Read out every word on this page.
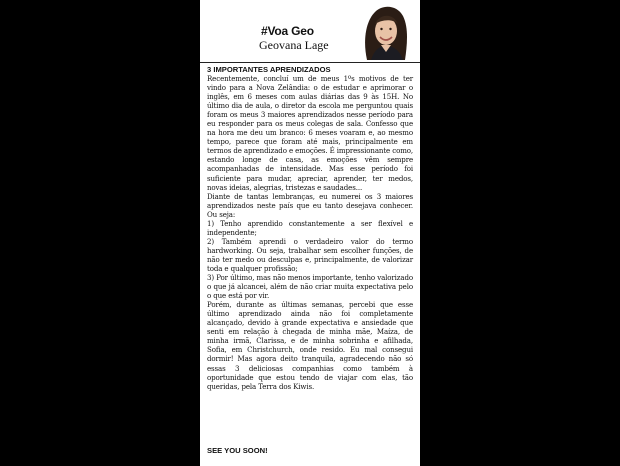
#Voa Geo
Geovana Lage
3 IMPORTANTES APRENDIZADOS

Recentemente, concluí um de meus 1ºs motivos de ter vindo para a Nova Zelândia: o de estudar e aprimorar o inglês, em 6 meses com aulas diárias das 9 às 15H. No último dia de aula, o diretor da escola me perguntou quais foram os meus 3 maiores aprendizados nesse período para eu responder para os meus colegas de sala. Confesso que na hora me deu um branco: 6 meses voaram e, ao mesmo tempo, parece que foram até mais, principalmente em termos de aprendizado e emoções. É impressionante como, estando longe de casa, as emoções vêm sempre acompanhadas de intensidade. Mas esse período foi suficiente para mudar, apreciar, aprender, ter medos, novas ideias, alegrias, tristezas e saudades...

Diante de tantas lembranças, eu numerei os 3 maiores aprendizados neste país que eu tanto desejava conhecer. Ou seja:

1) Tenho aprendido constantemente a ser flexível e independente;

2) Também aprendi o verdadeiro valor do termo hardworking. Ou seja, trabalhar sem escolher funções, de não ter medo ou desculpas e, principalmente, de valorizar toda e qualquer profissão;

3) Por último, mas não menos importante, tenho valorizado o que já alcancei, além de não criar muita expectativa pelo o que está por vir.

Porém, durante as últimas semanas, percebi que esse último aprendizado ainda não foi completamente alcançado, devido à grande expectativa e ansiedade que senti em relação à chegada de minha mãe, Maíza, de minha irmã, Clarissa, e de minha sobrinha e afilhada, Sofia, em Christchurch, onde resido. Eu mal consegui dormir! Mas agora deito tranquila, agradecendo não só essas 3 deliciosas companhias como também à oportunidade que estou tendo de viajar com elas, tão queridas, pela Terra dos Kiwis.

SEE YOU SOON!
